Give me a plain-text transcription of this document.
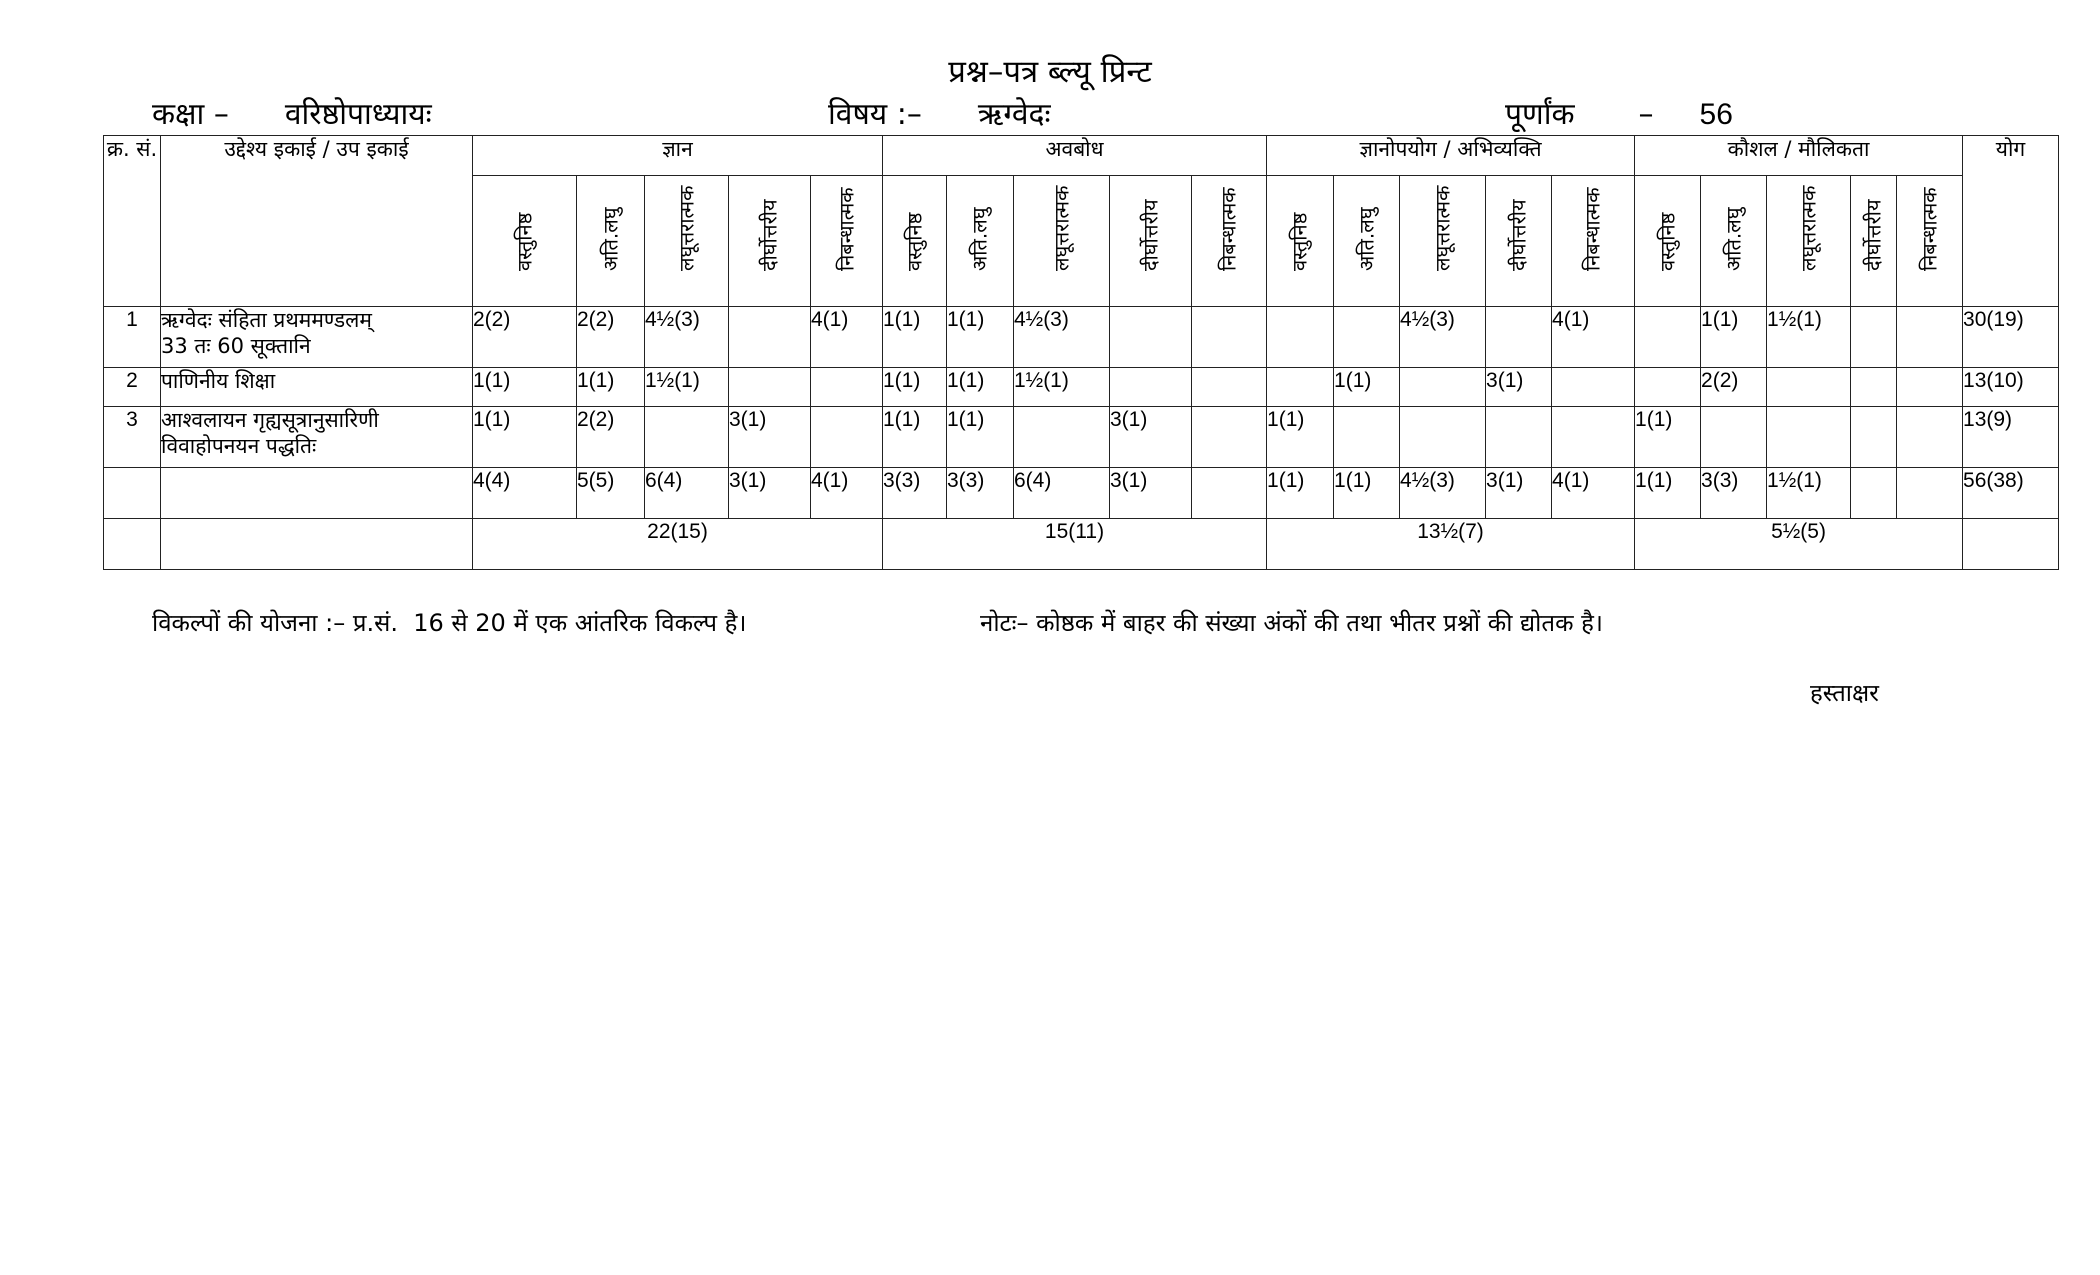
प्रश्न–पत्र ब्ल्यू प्रिन्ट
कक्षा – वरिष्ठोपाध्यायः	विषय :– ऋग्वेदः	पूर्णांक – 56
क्र. सं.	उद्देश्य इकाई / उप इकाई	ज्ञान					अवबोध					ज्ञानोपयोग / अभिव्यक्ति					कौशल / मौलिकता					योग

		वस्तुनिष्ठ	अति.लघु	लघूत्तरात्मक	दीर्घोत्तरीय	निबन्धात्मक	वस्तुनिष्ठ	अति.लघु	लघूत्तरात्मक	दीर्घोत्तरीय	निबन्धात्मक	वस्तुनिष्ठ	अति.लघु	लघूत्तरात्मक	दीर्घोत्तरीय	निबन्धात्मक	वस्तुनिष्ठ	अति.लघु	लघूत्तरात्मक	दीर्घोत्तरीय	निबन्धात्मक	

1	ऋग्वेदः संहिता प्रथममण्डलम्
33 तः 60 सूक्तानि	2(2)	2(2)	4½(3)		4(1)	1(1)	1(1)	4½(3)					4½(3)		4(1)		1(1)	1½(1)			30(19)
2	पाणिनीय शिक्षा	1(1)	1(1)	1½(1)			1(1)	1(1)	1½(1)				1(1)		3(1)			2(2)				13(10)
3	आश्वलायन गृह्यसूत्रानुसारिणी
विवाहोपनयन पद्धतिः	1(1)	2(2)		3(1)		1(1)	1(1)		3(1)		1(1)					1(1)					13(9)
		4(4)	5(5)	6(4)	3(1)	4(1)	3(3)	3(3)	6(4)	3(1)		1(1)	1(1)	4½(3)	3(1)	4(1)	1(1)	3(3)	1½(1)			56(38)
		22(15)					15(11)					13½(7)					5½(5)					
विकल्पों की योजना :– प्र.सं.  16 से 20 में एक आंतरिक विकल्प है।	नोटः– कोष्ठक में बाहर की संख्या अंकों की तथा भीतर प्रश्नों की द्योतक है।
हस्ताक्षर
